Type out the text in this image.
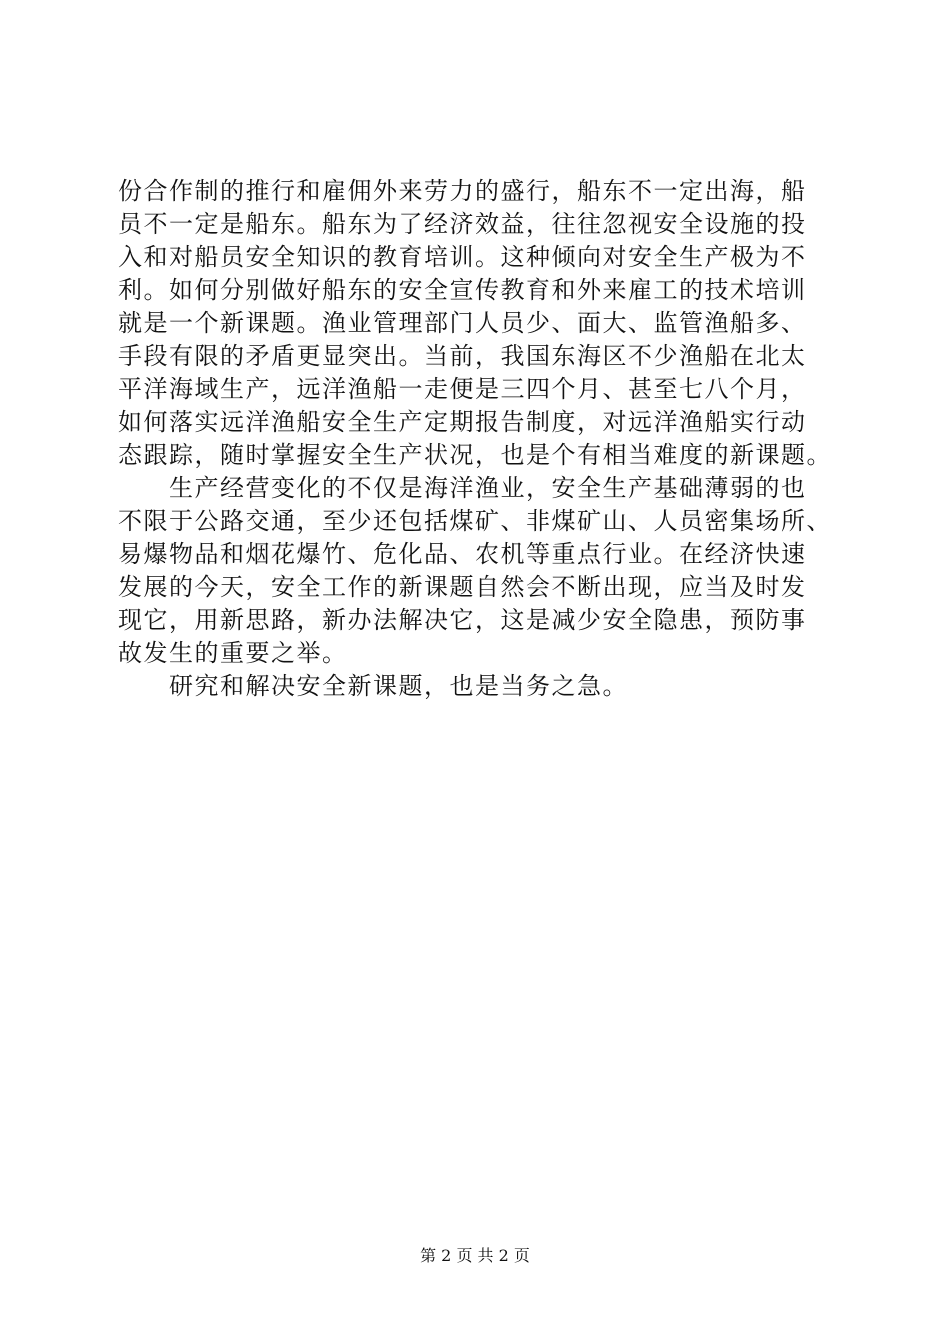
份合作制的推行和雇佣外来劳力的盛行，船东不一定出海，船
员不一定是船东。船东为了经济效益，往往忽视安全设施的投
入和对船员安全知识的教育培训。这种倾向对安全生产极为不
利。如何分别做好船东的安全宣传教育和外来雇工的技术培训
就是一个新课题。渔业管理部门人员少、面大、监管渔船多、
手段有限的矛盾更显突出。当前，我国东海区不少渔船在北太
平洋海域生产，远洋渔船一走便是三四个月、甚至七八个月，
如何落实远洋渔船安全生产定期报告制度，对远洋渔船实行动
态跟踪，随时掌握安全生产状况，也是个有相当难度的新课题。
　　生产经营变化的不仅是海洋渔业，安全生产基础薄弱的也
不限于公路交通，至少还包括煤矿、非煤矿山、人员密集场所、
易爆物品和烟花爆竹、危化品、农机等重点行业。在经济快速
发展的今天，安全工作的新课题自然会不断出现，应当及时发
现它，用新思路，新办法解决它，这是减少安全隐患，预防事
故发生的重要之举。
　　研究和解决安全新课题，也是当务之急。
第 2 页 共 2 页
